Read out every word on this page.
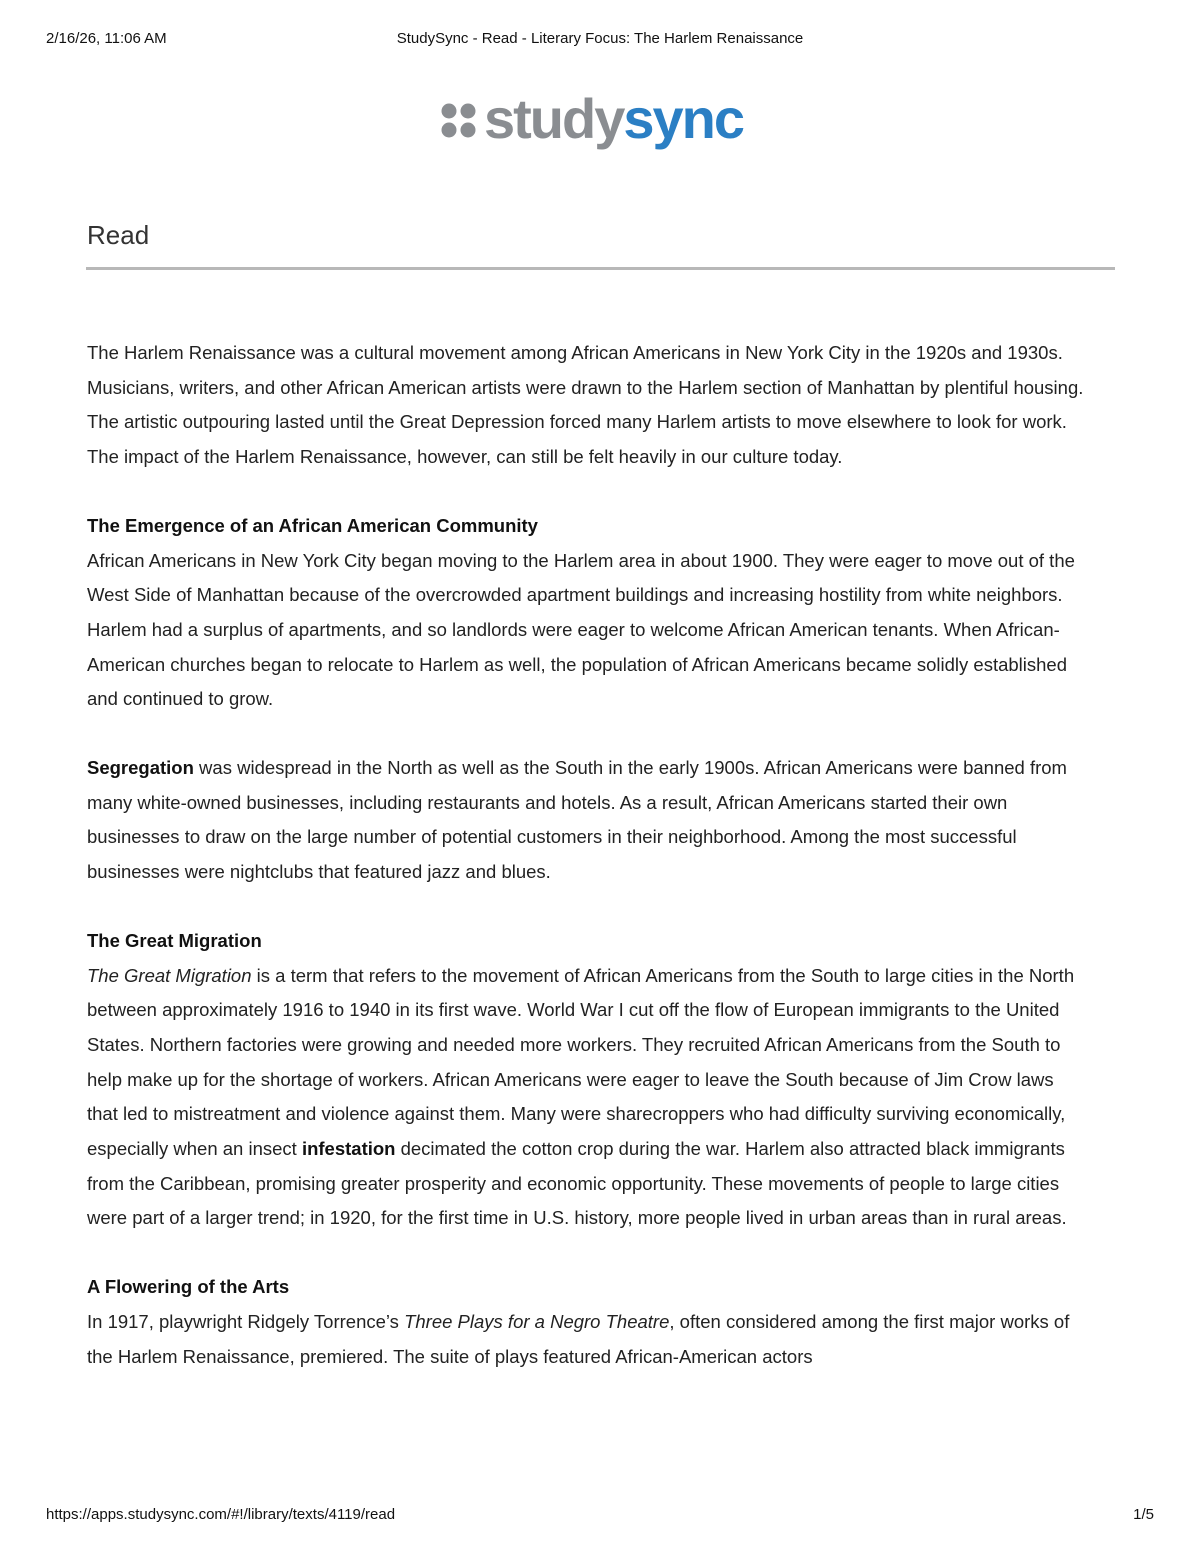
2/16/26, 11:06 AM	StudySync - Read - Literary Focus: The Harlem Renaissance
studysync
Read

The Harlem Renaissance was a cultural movement among African Americans in New York City in the 1920s and 1930s. Musicians, writers, and other African American artists were drawn to the Harlem section of Manhattan by plentiful housing. The artistic outpouring lasted until the Great Depression forced many Harlem artists to move elsewhere to look for work. The impact of the Harlem Renaissance, however, can still be felt heavily in our culture today.

The Emergence of an African American Community

African Americans in New York City began moving to the Harlem area in about 1900. They were eager to move out of the West Side of Manhattan because of the overcrowded apartment buildings and increasing hostility from white neighbors. Harlem had a surplus of apartments, and so landlords were eager to welcome African American tenants. When African-American churches began to relocate to Harlem as well, the population of African Americans became solidly established and continued to grow.

Segregation was widespread in the North as well as the South in the early 1900s. African Americans were banned from many white-owned businesses, including restaurants and hotels. As a result, African Americans started their own businesses to draw on the large number of potential customers in their neighborhood. Among the most successful businesses were nightclubs that featured jazz and blues.

The Great Migration

The Great Migration is a term that refers to the movement of African Americans from the South to large cities in the North between approximately 1916 to 1940 in its first wave. World War I cut off the flow of European immigrants to the United States. Northern factories were growing and needed more workers. They recruited African Americans from the South to help make up for the shortage of workers. African Americans were eager to leave the South because of Jim Crow laws that led to mistreatment and violence against them. Many were sharecroppers who had difficulty surviving economically, especially when an insect infestation decimated the cotton crop during the war. Harlem also attracted black immigrants from the Caribbean, promising greater prosperity and economic opportunity. These movements of people to large cities were part of a larger trend; in 1920, for the first time in U.S. history, more people lived in urban areas than in rural areas.

A Flowering of the Arts

In 1917, playwright Ridgely Torrence’s Three Plays for a Negro Theatre, often considered among the first major works of the Harlem Renaissance, premiered. The suite of plays featured African-American actors

https://apps.studysync.com/#!/library/texts/4119/read	1/5
